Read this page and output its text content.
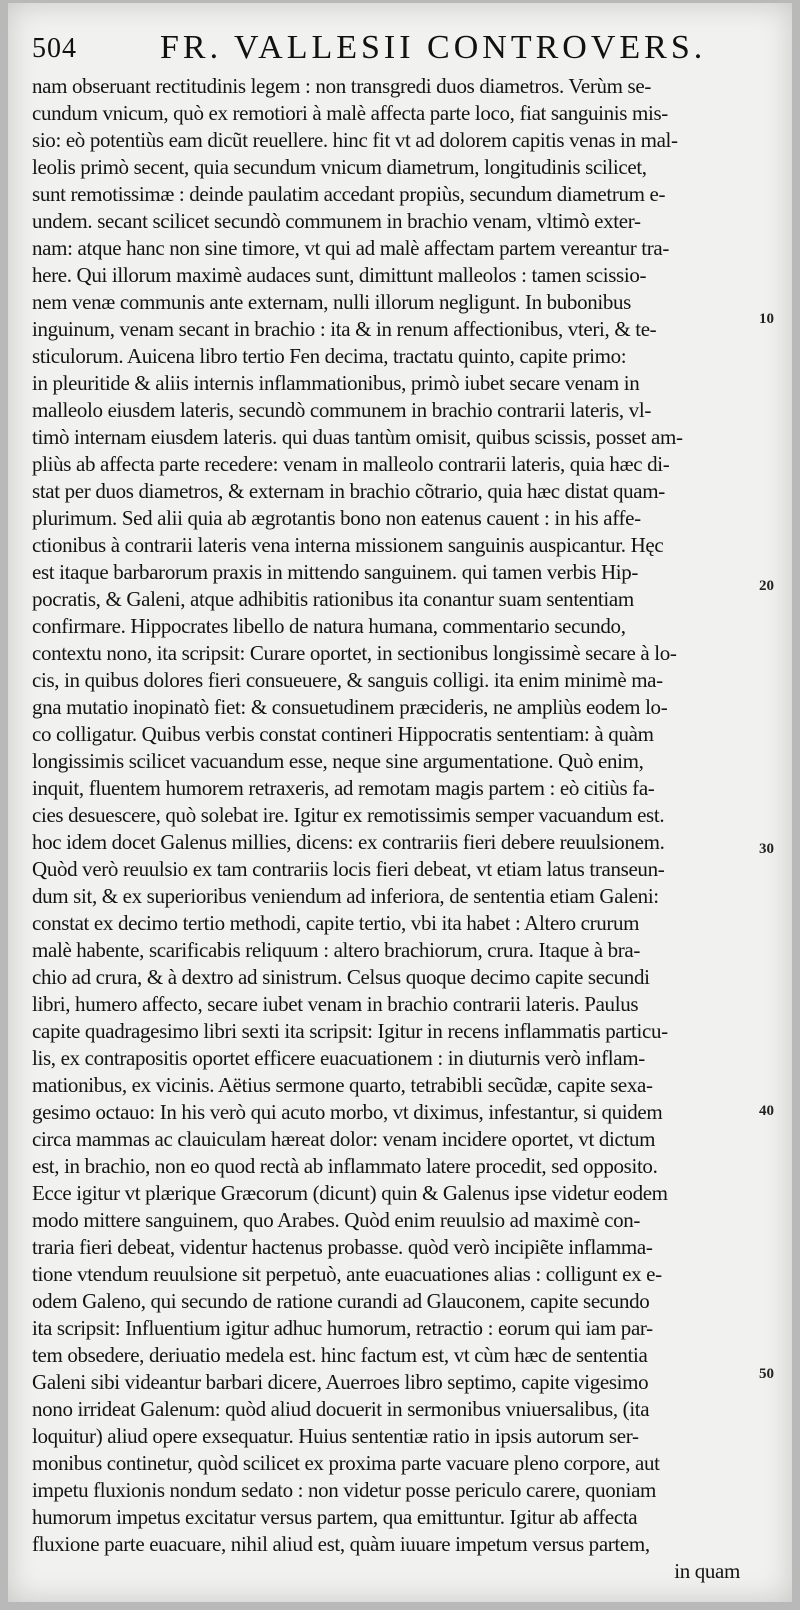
504 FR. VALLESII CONTROVERS.
nam obseruant rectitudinis legem : non transgredi duos diametros. Verùm se-
cundum vnicum, quò ex remotiori à malè affecta parte loco, fiat sanguinis mis-
sio: eò potentiùs eam dicũt reuellere. hinc fit vt ad dolorem capitis venas in mal-
leolis primò secent, quia secundum vnicum diametrum, longitudinis scilicet,
sunt remotissimæ : deinde paulatim accedant propiùs, secundum diametrum e-
undem. secant scilicet secundò communem in brachio venam, vltimò exter-
nam: atque hanc non sine timore, vt qui ad malè affectam partem vereantur tra-
here. Qui illorum maximè audaces sunt, dimittunt malleolos : tamen scissio-
nem venæ communis ante externam, nulli illorum negligunt. In bubonibus
inguinum, venam secant in brachio : ita & in renum affectionibus, vteri, & te-
sticulorum. Auicena libro tertio Fen decima, tractatu quinto, capite primo:
in pleuritide & aliis internis inflammationibus, primò iubet secare venam in
malleolo eiusdem lateris, secundò communem in brachio contrarii lateris, vl-
timò internam eiusdem lateris. qui duas tantùm omisit, quibus scissis, posset am-
pliùs ab affecta parte recedere: venam in malleolo contrarii lateris, quia hæc di-
stat per duos diametros, & externam in brachio cõtrario, quia hæc distat quam-
plurimum. Sed alii quia ab ægrotantis bono non eatenus cauent : in his affe-
ctionibus à contrarii lateris vena interna missionem sanguinis auspicantur. Hęc
est itaque barbarorum praxis in mittendo sanguinem. qui tamen verbis Hip-
pocratis, & Galeni, atque adhibitis rationibus ita conantur suam sententiam
confirmare. Hippocrates libello de natura humana, commentario secundo,
contextu nono, ita scripsit: Curare oportet, in sectionibus longissimè secare à lo-
cis, in quibus dolores fieri consueuere, & sanguis colligi. ita enim minimè ma-
gna mutatio inopinatò fiet: & consuetudinem præcideris, ne ampliùs eodem lo-
co colligatur. Quibus verbis constat contineri Hippocratis sententiam: à quàm
longissimis scilicet vacuandum esse, neque sine argumentatione. Quò enim,
inquit, fluentem humorem retraxeris, ad remotam magis partem : eò citiùs fa-
cies desuescere, quò solebat ire. Igitur ex remotissimis semper vacuandum est.
hoc idem docet Galenus millies, dicens: ex contrariis fieri debere reuulsionem.
Quòd verò reuulsio ex tam contrariis locis fieri debeat, vt etiam latus transeun-
dum sit, & ex superioribus veniendum ad inferiora, de sententia etiam Galeni:
constat ex decimo tertio methodi, capite tertio, vbi ita habet : Altero crurum
malè habente, scarificabis reliquum : altero brachiorum, crura. Itaque à bra-
chio ad crura, & à dextro ad sinistrum. Celsus quoque decimo capite secundi
libri, humero affecto, secare iubet venam in brachio contrarii lateris. Paulus
capite quadragesimo libri sexti ita scripsit: Igitur in recens inflammatis particu-
lis, ex contrapositis oportet efficere euacuationem : in diuturnis verò inflam-
mationibus, ex vicinis. Aëtius sermone quarto, tetrabibli secũdæ, capite sexa-
gesimo octauo: In his verò qui acuto morbo, vt diximus, infestantur, si quidem
circa mammas ac clauiculam hæreat dolor: venam incidere oportet, vt dictum
est, in brachio, non eo quod rectà ab inflammato latere procedit, sed opposito.
Ecce igitur vt plærique Græcorum (dicunt) quin & Galenus ipse videtur eodem
modo mittere sanguinem, quo Arabes. Quòd enim reuulsio ad maximè con-
traria fieri debeat, videntur hactenus probasse. quòd verò incipiẽte inflamma-
tione vtendum reuulsione sit perpetuò, ante euacuationes alias : colligunt ex e-
odem Galeno, qui secundo de ratione curandi ad Glauconem, capite secundo
ita scripsit: Influentium igitur adhuc humorum, retractio : eorum qui iam par-
tem obsedere, deriuatio medela est. hinc factum est, vt cùm hæc de sententia
Galeni sibi videantur barbari dicere, Auerroes libro septimo, capite vigesimo
nono irrideat Galenum: quòd aliud docuerit in sermonibus vniuersalibus, (ita
loquitur) aliud opere exsequatur. Huius sententiæ ratio in ipsis autorum ser-
monibus continetur, quòd scilicet ex proxima parte vacuare pleno corpore, aut
impetu fluxionis nondum sedato : non videtur posse periculo carere, quoniam
humorum impetus excitatur versus partem, qua emittuntur. Igitur ab affecta
fluxione parte euacuare, nihil aliud est, quàm iuuare impetum versus partem,
in quam
10
20
30
40
50
